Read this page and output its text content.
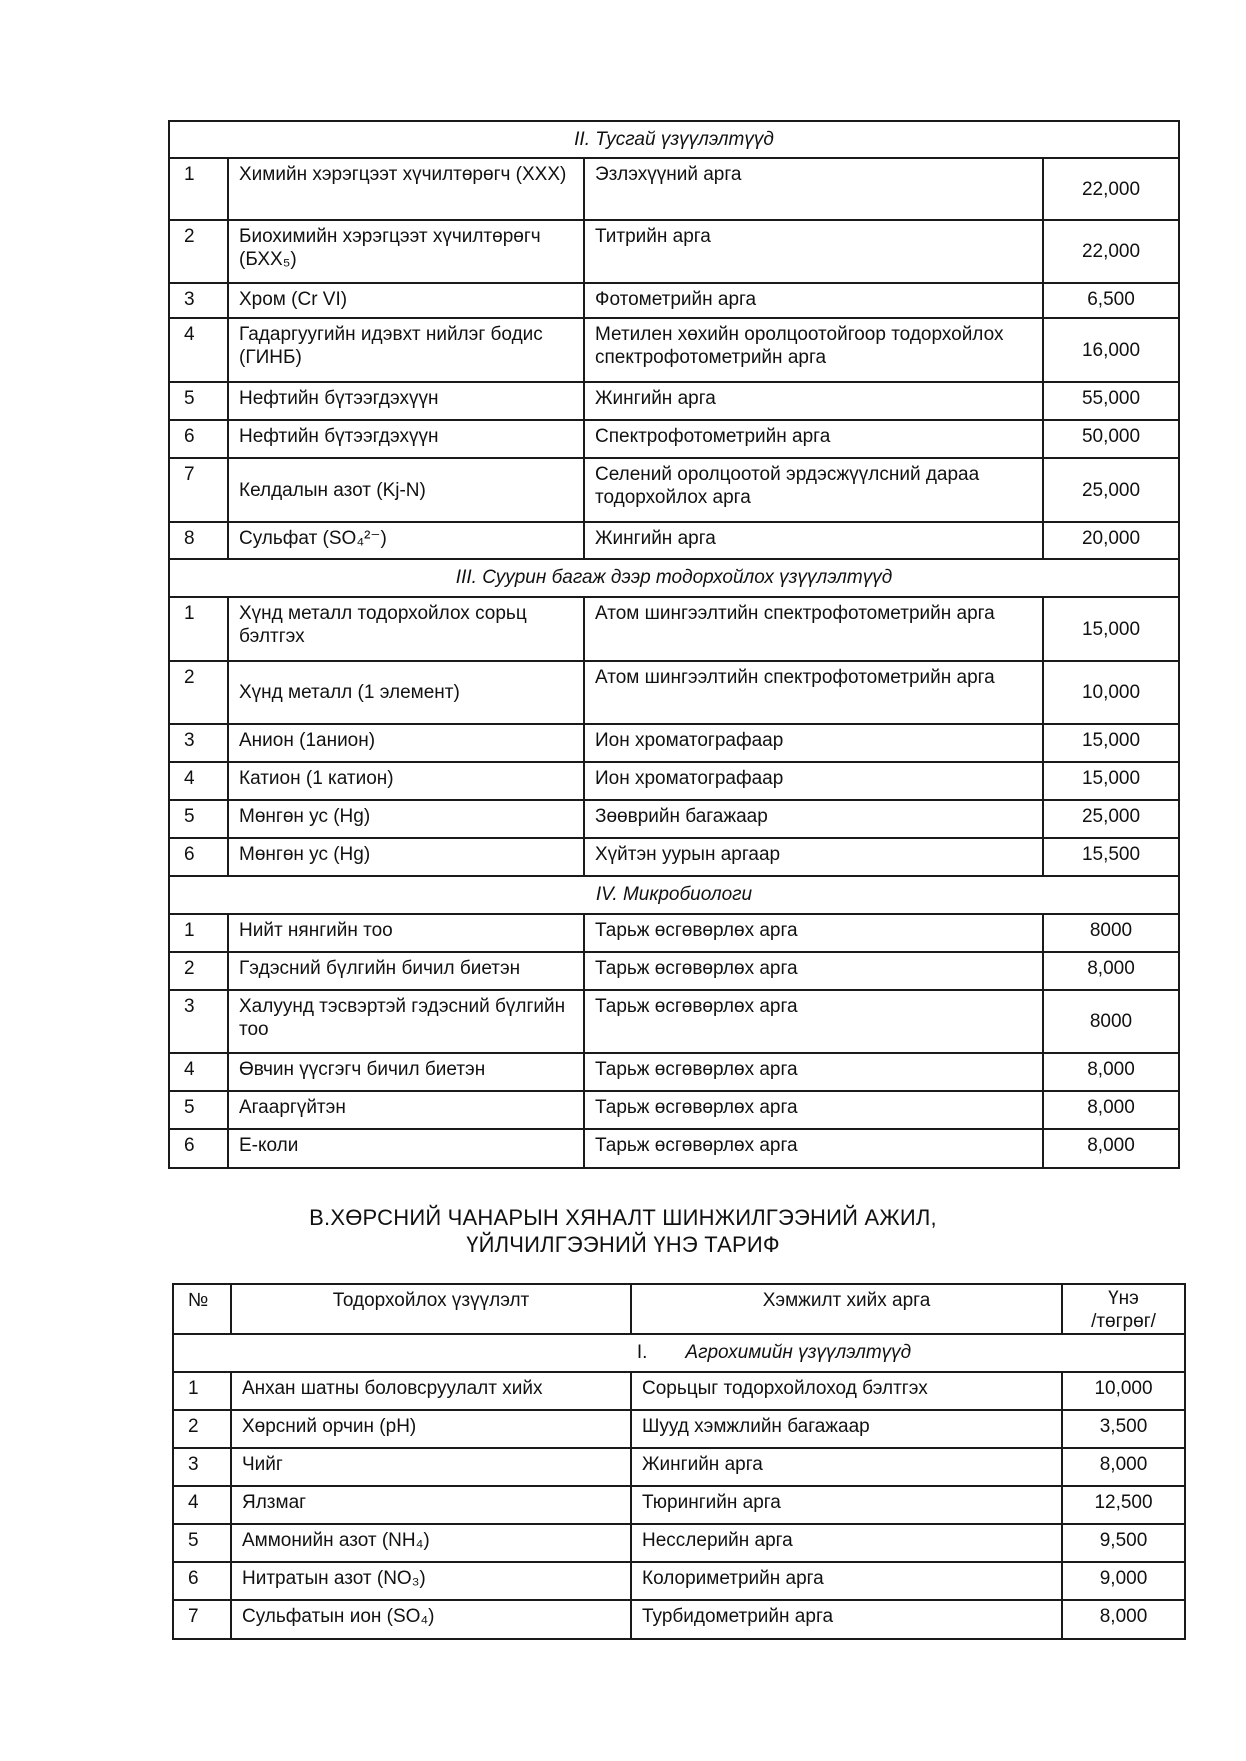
II. Тусгай үзүүлэлтүүд			
1	Химийн хэрэгцээт хүчилтөрөгч (ХХХ)	Эзлэхүүний арга	22,000
2	Биохимийн хэрэгцээт хүчилтөрөгч (БХХ₅)	Титрийн арга	22,000
3	Хром (Cr VI)	Фотометрийн арга	6,500
4	Гадаргуугийн идэвхт нийлэг бодис (ГИНБ)	Метилен хөхийн оролцоотойгоор тодорхойлох спектрофотометрийн арга	16,000
5	Нефтийн бүтээгдэхүүн	Жингийн арга	55,000
6	Нефтийн бүтээгдэхүүн	Спектрофотометрийн арга	50,000
7	Келдалын азот (Kj-N)	Селений оролцоотой эрдэсжүүлсний дараа тодорхойлох арга	25,000
8	Сульфат (SO₄²⁻)	Жингийн арга	20,000
III. Суурин багаж дээр тодорхойлох үзүүлэлтүүд			
1	Хүнд металл тодорхойлох сорьц бэлтгэх	Атом шингээлтийн спектрофотометрийн арга	15,000
2	Хүнд металл (1 элемент)	Атом шингээлтийн спектрофотометрийн арга	10,000
3	Анион (1анион)	Ион хроматографаар	15,000
4	Катион (1 катион)	Ион хроматографаар	15,000
5	Мөнгөн ус (Hg)	Зөөврийн багажаар	25,000
6	Мөнгөн ус (Hg)	Хүйтэн уурын аргаар	15,500
IV. Микробиологи			
1	Нийт нянгийн тоо	Тарьж өсгөвөрлөх арга	8000
2	Гэдэсний бүлгийн бичил биетэн	Тарьж өсгөвөрлөх арга	8,000
3	Халуунд тэсвэртэй гэдэсний бүлгийн тоо	Тарьж өсгөвөрлөх арга	8000
4	Өвчин үүсгэгч бичил биетэн	Тарьж өсгөвөрлөх арга	8,000
5	Агааргүйтэн	Тарьж өсгөвөрлөх арга	8,000
6	Е-коли	Тарьж өсгөвөрлөх арга	8,000
В.ХӨРСНИЙ ЧАНАРЫН ХЯНАЛТ ШИНЖИЛГЭЭНИЙ АЖИЛ,
ҮЙЛЧИЛГЭЭНИЙ ҮНЭ ТАРИФ
№	Тодорхойлох үзүүлэлт	Хэмжилт хийх арга	Үнэ
/төгрөг/

I. Агрохимийн үзүүлэлтүүд			
1	Анхан шатны боловсруулалт хийх	Сорьцыг тодорхойлоход бэлтгэх	10,000
2	Хөрсний орчин (pH)	Шууд хэмжлийн багажаар	3,500
3	Чийг	Жингийн арга	8,000
4	Ялзмаг	Тюрингийн арга	12,500
5	Аммонийн азот (NH₄)	Несслерийн арга	9,500
6	Нитратын азот (NO₃)	Колориметрийн арга	9,000
7	Сульфатын ион (SO₄)	Турбидометрийн арга	8,000
